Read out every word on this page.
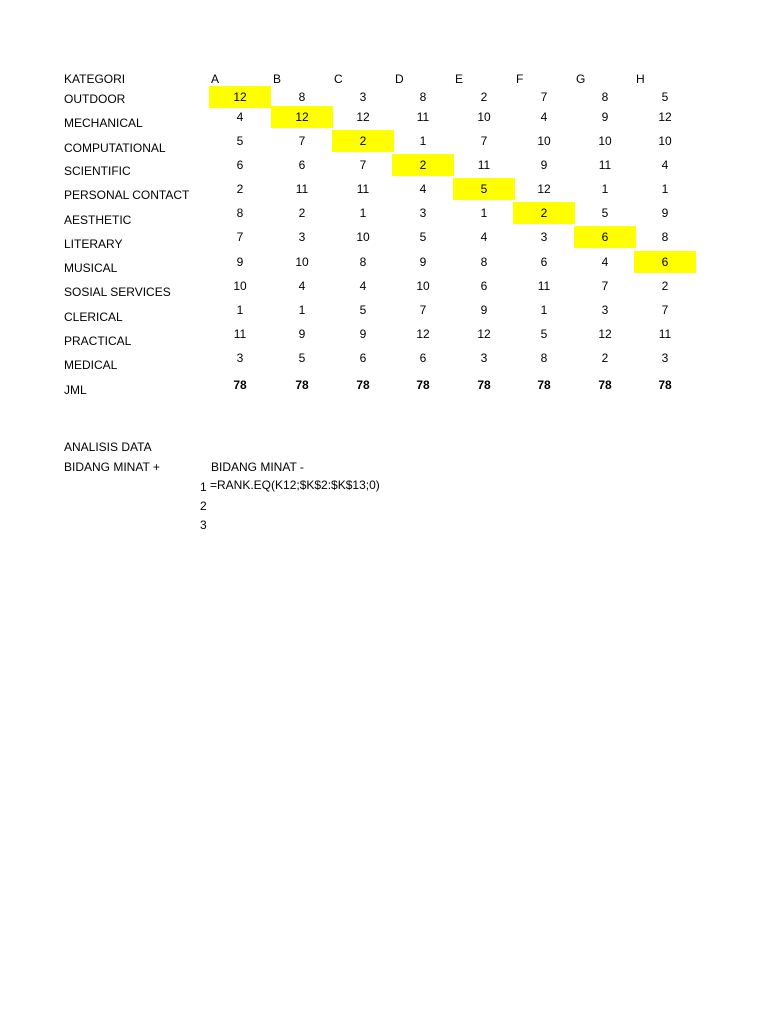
KATEGORI	A	B	C	D	E	F	G	H
OUTDOOR	12	8	3	8	2	7	8	5
MECHANICAL	4	12	12	11	10	4	9	12
COMPUTATIONAL	5	7	2	1	7	10	10	10
SCIENTIFIC	6	6	7	2	11	9	11	4
PERSONAL CONTACT	2	11	11	4	5	12	1	1
AESTHETIC	8	2	1	3	1	2	5	9
LITERARY	7	3	10	5	4	3	6	8
MUSICAL	9	10	8	9	8	6	4	6
SOSIAL SERVICES	10	4	4	10	6	11	7	2
CLERICAL	1	1	5	7	9	1	3	7
PRACTICAL	11	9	9	12	12	5	12	11
MEDICAL	3	5	6	6	3	8	2	3
JML	78	78	78	78	78	78	78	78
ANALISIS DATA
BIDANG MINAT +	BIDANG MINAT -
1 =RANK.EQ(K12;$K$2:$K$13;0)
2
3
